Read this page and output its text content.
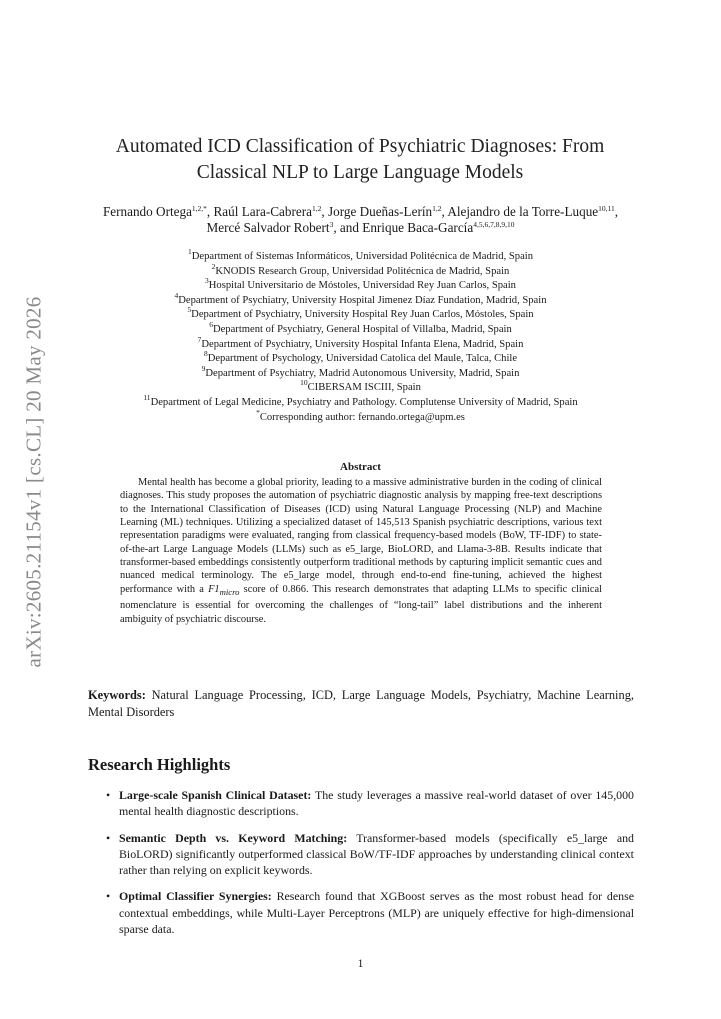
arXiv:2605.21154v1 [cs.CL] 20 May 2026
Automated ICD Classification of Psychiatric Diagnoses: From
Classical NLP to Large Language Models
Fernando Ortega$^{1,2,*}$, Raúl Lara-Cabrera$^{1,2}$, Jorge Dueñas-Lerín$^{1,2}$, Alejandro de la Torre-Luque$^{10,11}$, Mercé Salvador Robert$^3$, and Enrique Baca-García$^{4,5,6,7,8,9,10}$
$^1$Department of Sistemas Informáticos, Universidad Politécnica de Madrid, Spain
$^2$KNODIS Research Group, Universidad Politécnica de Madrid, Spain
$^3$Hospital Universitario de Móstoles, Universidad Rey Juan Carlos, Spain
$^4$Department of Psychiatry, University Hospital Jimenez Díaz Fundation, Madrid, Spain
$^5$Department of Psychiatry, University Hospital Rey Juan Carlos, Móstoles, Spain
$^6$Department of Psychiatry, General Hospital of Villalba, Madrid, Spain
$^7$Department of Psychiatry, University Hospital Infanta Elena, Madrid, Spain
$^8$Department of Psychology, Universidad Catolica del Maule, Talca, Chile
$^9$Department of Psychiatry, Madrid Autonomous University, Madrid, Spain
$^{10}$CIBERSAM ISCIII, Spain
$^{11}$Department of Legal Medicine, Psychiatry and Pathology. Complutense University of Madrid, Spain
*Corresponding author: fernando.ortega@upm.es
Abstract
Mental health has become a global priority, leading to a massive administrative burden in the coding of clinical diagnoses. This study proposes the automation of psychiatric diagnostic analysis by mapping free-text descriptions to the International Classification of Diseases (ICD) using Natural Language Processing (NLP) and Machine Learning (ML) techniques. Utilizing a specialized dataset of 145,513 Spanish psychiatric descriptions, various text representation paradigms were evaluated, ranging from classical frequency-based models (BoW, TF-IDF) to state-of-the-art Large Language Models (LLMs) such as e5_large, BioLORD, and Llama-3-8B. Results indicate that transformer-based embeddings consistently outperform traditional methods by capturing implicit semantic cues and nuanced medical terminology. The e5_large model, through end-to-end fine-tuning, achieved the highest performance with a $F1_{micro}$ score of 0.866. This research demonstrates that adapting LLMs to specific clinical nomenclature is essential for overcoming the challenges of “long-tail” label distributions and the inherent ambiguity of psychiatric discourse.
Keywords: Natural Language Processing, ICD, Large Language Models, Psychiatry, Machine Learning, Mental Disorders
Research Highlights
• Large-scale Spanish Clinical Dataset: The study leverages a massive real-world dataset of over 145,000 mental health diagnostic descriptions.
• Semantic Depth vs. Keyword Matching: Transformer-based models (specifically e5_large and BioLORD) significantly outperformed classical BoW/TF-IDF approaches by understanding clinical context rather than relying on explicit keywords.
• Optimal Classifier Synergies: Research found that XGBoost serves as the most robust head for dense contextual embeddings, while Multi-Layer Perceptrons (MLP) are uniquely effective for high-dimensional sparse data.
1
